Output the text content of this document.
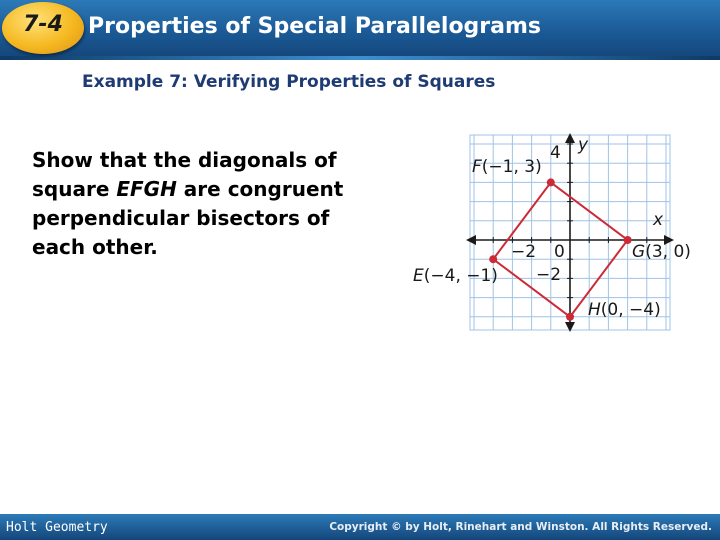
7-4	Properties of Special Parallelograms
Example 7: Verifying Properties of Squares
Show that the diagonals of
square EFGH are congruent
perpendicular bisectors of
each other.
y
x
4
−2 0
−2
F(−1, 3)
G(3, 0)
H(0, −4)
E(−4, −1)
Holt Geometry	Copyright © by Holt, Rinehart and Winston. All Rights Reserved.
